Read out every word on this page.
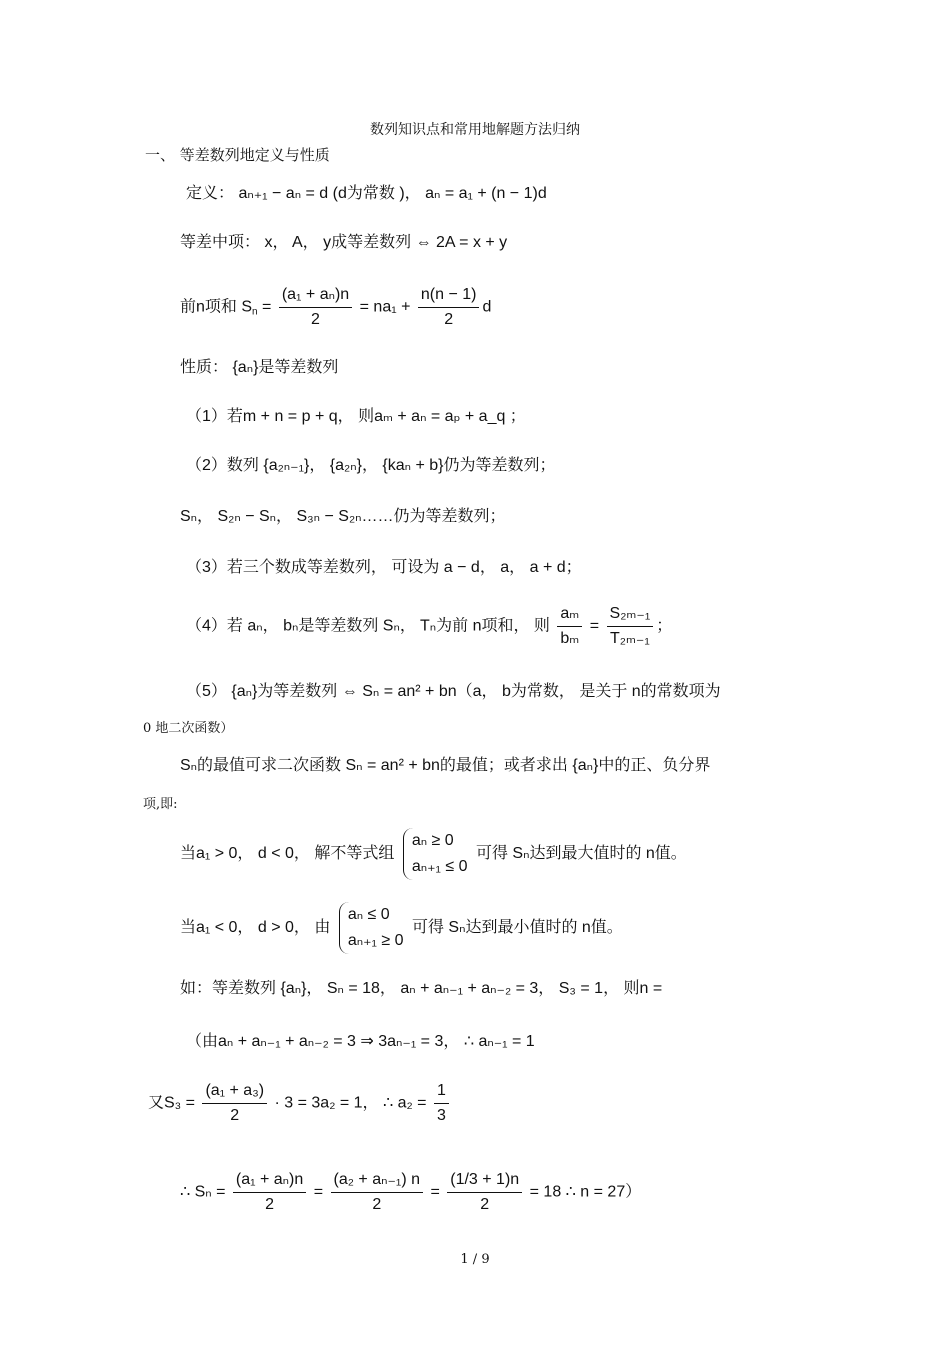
数列知识点和常用地解题方法归纳
一、 等差数列地定义与性质
定义： aₙ₊₁ − aₙ = d (d为常数 )， aₙ = a₁ + (n − 1)d
等差中项： x， A， y成等差数列 ⇔ 2A = x + y
前n项和 $S_n = \frac{\text{(a₁ + aₙ)n}}{2} = na_1 + \frac{n(n - 1)}{2}$ d
性质： {aₙ}是等差数列
（1）若m + n = p + q， 则aₘ + aₙ = aₚ + a_q ；
（2）数列 {a₂ₙ₋₁}， {a₂ₙ}， {kaₙ + b}仍为等差数列；
Sₙ， S₂ₙ − Sₙ， S₃ₙ − S₂ₙ……仍为等差数列；
（3）若三个数成等差数列， 可设为 a − d， a， a + d；
（4）若 aₙ， bₙ是等差数列 Sₙ， Tₙ为前 n项和， 则 $\frac{\text{aₘ}}{\text{bₘ}} = \frac{\text{S₂ₘ₋₁}}{\text{T₂ₘ₋₁}}$ ；
（5） {aₙ}为等差数列 ⇔ Sₙ = an² + bn（a， b为常数， 是关于 n的常数项为
0 地二次函数）
Sₙ的最值可求二次函数 Sₙ = an² + bn的最值；或者求出 {aₙ}中的正、负分界
项,即:
当a₁ > 0， d < 0， 解不等式组
aₙ ≥ 0
aₙ₊₁ ≤ 0
可得 Sₙ达到最大值时的 n值。
当a₁ < 0， d > 0， 由
aₙ ≤ 0
aₙ₊₁ ≥ 0
可得 Sₙ达到最小值时的 n值。
如：等差数列 {aₙ}， Sₙ = 18， aₙ + aₙ₋₁ + aₙ₋₂ = 3， S₃ = 1， 则n =
（由aₙ + aₙ₋₁ + aₙ₋₂ = 3 ⇒ 3aₙ₋₁ = 3， ∴ aₙ₋₁ = 1
又$S_3 = \frac{\text{(a₁ + a₃)}}{2} \cdot 3 = 3a_2 = 1$， ∴ $a_2 = \frac{1}{3}$
∴ $S_n = \frac{\text{(a₁ + aₙ)n}}{2} = \frac{\text{(a₂ + aₙ₋₁) n}}{2} = \frac{(1/3 + 1)n}{2} = 18$ ∴ n = 27）
1 / 9
